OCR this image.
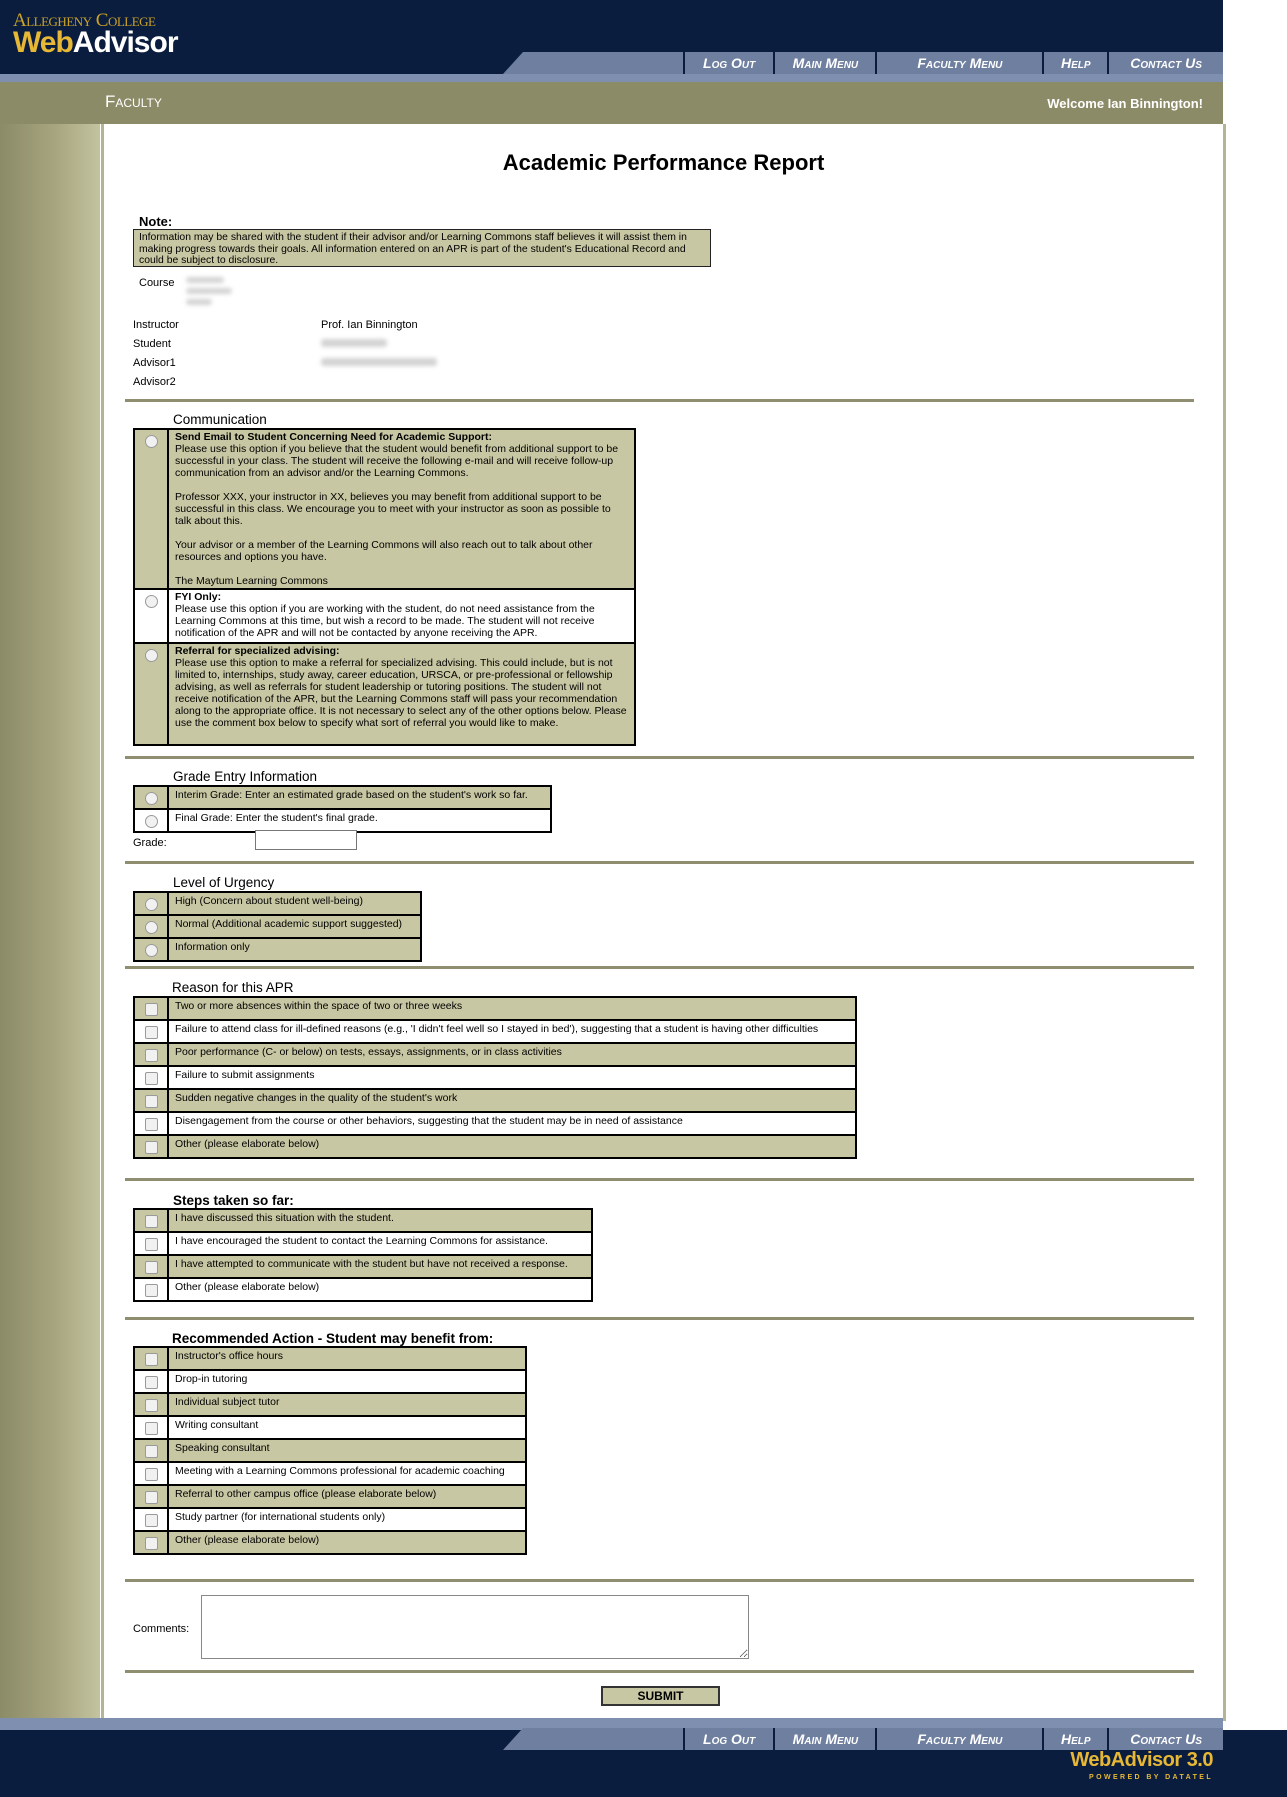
Allegheny College
WebAdvisor
Log Out	Main Menu	Faculty Menu	Help	Contact Us
Faculty	Welcome Ian Binnington!
Academic Performance Report
Note:
Information may be shared with the student if their advisor and/or Learning Commons staff believes it will assist them in making progress towards their goals. All information entered on an APR is part of the student's Educational Record and could be subject to disclosure.
Course
Instructor	Prof. Ian Binnington
Student
Advisor1
Advisor2
Communication

	Send Email to Student Concerning Need for Academic Support:
Please use this option if you believe that the student would benefit from additional support to be successful in your class. The student will receive the following e-mail and will receive follow-up communication from an advisor and/or the Learning Commons.
Professor XXX, your instructor in XX, believes you may benefit from additional support to be successful in this class. We encourage you to meet with your instructor as soon as possible to talk about this.
Your advisor or a member of the Learning Commons will also reach out to talk about other resources and options you have.
The Maytum Learning Commons

	FYI Only:
Please use this option if you are working with the student, do not need assistance from the Learning Commons at this time, but wish a record to be made. The student will not receive notification of the APR and will not be contacted by anyone receiving the APR.

	Referral for specialized advising:
Please use this option to make a referral for specialized advising. This could include, but is not limited to, internships, study away, career education, URSCA, or pre-professional or fellowship advising, as well as referrals for student leadership or tutoring positions. The student will not receive notification of the APR, but the Learning Commons staff will pass your recommendation along to the appropriate office. It is not necessary to select any of the other options below. Please use the comment box below to specify what sort of referral you would like to make.
Grade Entry Information
	Interim Grade: Enter an estimated grade based on the student's work so far.
	Final Grade: Enter the student's final grade.
Grade:
Level of Urgency
	High (Concern about student well-being)
	Normal (Additional academic support suggested)
	Information only
Reason for this APR
	Two or more absences within the space of two or three weeks
	Failure to attend class for ill-defined reasons (e.g., 'I didn't feel well so I stayed in bed'), suggesting that a student is having other difficulties
	Poor performance (C- or below) on tests, essays, assignments, or in class activities
	Failure to submit assignments
	Sudden negative changes in the quality of the student's work
	Disengagement from the course or other behaviors, suggesting that the student may be in need of assistance
	Other (please elaborate below)
Steps taken so far:
	I have discussed this situation with the student.
	I have encouraged the student to contact the Learning Commons for assistance.
	I have attempted to communicate with the student but have not received a response.
	Other (please elaborate below)
Recommended Action - Student may benefit from:
	Instructor's office hours
	Drop-in tutoring
	Individual subject tutor
	Writing consultant
	Speaking consultant
	Meeting with a Learning Commons professional for academic coaching
	Referral to other campus office (please elaborate below)
	Study partner (for international students only)
	Other (please elaborate below)
Comments:
SUBMIT
Log Out	Main Menu	Faculty Menu	Help	Contact Us
WebAdvisor 3.0
POWERED BY DATATEL
